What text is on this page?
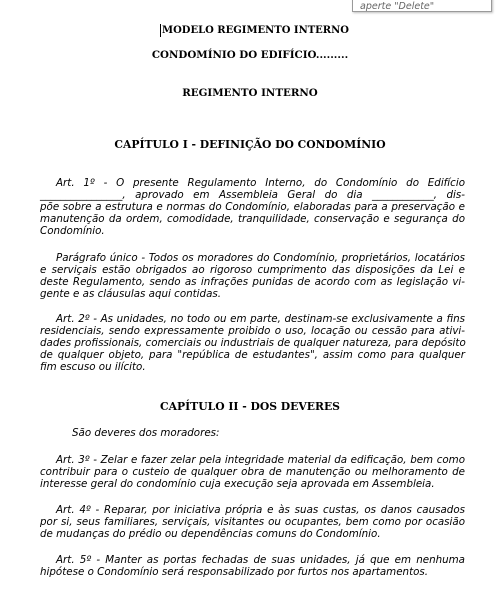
aperte "Delete"

MODELO REGIMENTO INTERNO

CONDOMÍNIO DO EDIFÍCIO.........

REGIMENTO INTERNO

CAPÍTULO I - DEFINIÇÃO DO CONDOMÍNIO

Art. 1º - O presente Regulamento Interno, do Condomínio do Edifício

________________, aprovado em Assembleia Geral do dia ____________, dis-

põe sobre a estrutura e normas do Condomínio, elaboradas para a preservação e

manutenção da ordem, comodidade, tranquilidade, conservação e segurança do

Condomínio.

Parágrafo único - Todos os moradores do Condomínio, proprietários, locatários

e serviçais estão obrigados ao rigoroso cumprimento das disposições da Lei e

deste Regulamento, sendo as infrações punidas de acordo com as legislação vi-

gente e as cláusulas aqui contidas.

Art. 2º - As unidades, no todo ou em parte, destinam-se exclusivamente a fins

residenciais, sendo expressamente proibido o uso, locação ou cessão para ativi-

dades profissionais, comerciais ou industriais de qualquer natureza, para depósito

de qualquer objeto, para "república de estudantes", assim como para qualquer

fim escuso ou ilícito.

CAPÍTULO II - DOS DEVERES

São deveres dos moradores:

Art. 3º - Zelar e fazer zelar pela integridade material da edificação, bem como

contribuir para o custeio de qualquer obra de manutenção ou melhoramento de

interesse geral do condomínio cuja execução seja aprovada em Assembleia.

Art. 4º - Reparar, por iniciativa própria e às suas custas, os danos causados

por si, seus familiares, serviçais, visitantes ou ocupantes, bem como por ocasião

de mudanças do prédio ou dependências comuns do Condomínio.

Art. 5º - Manter as portas fechadas de suas unidades, já que em nenhuma

hipótese o Condomínio será responsabilizado por furtos nos apartamentos.
